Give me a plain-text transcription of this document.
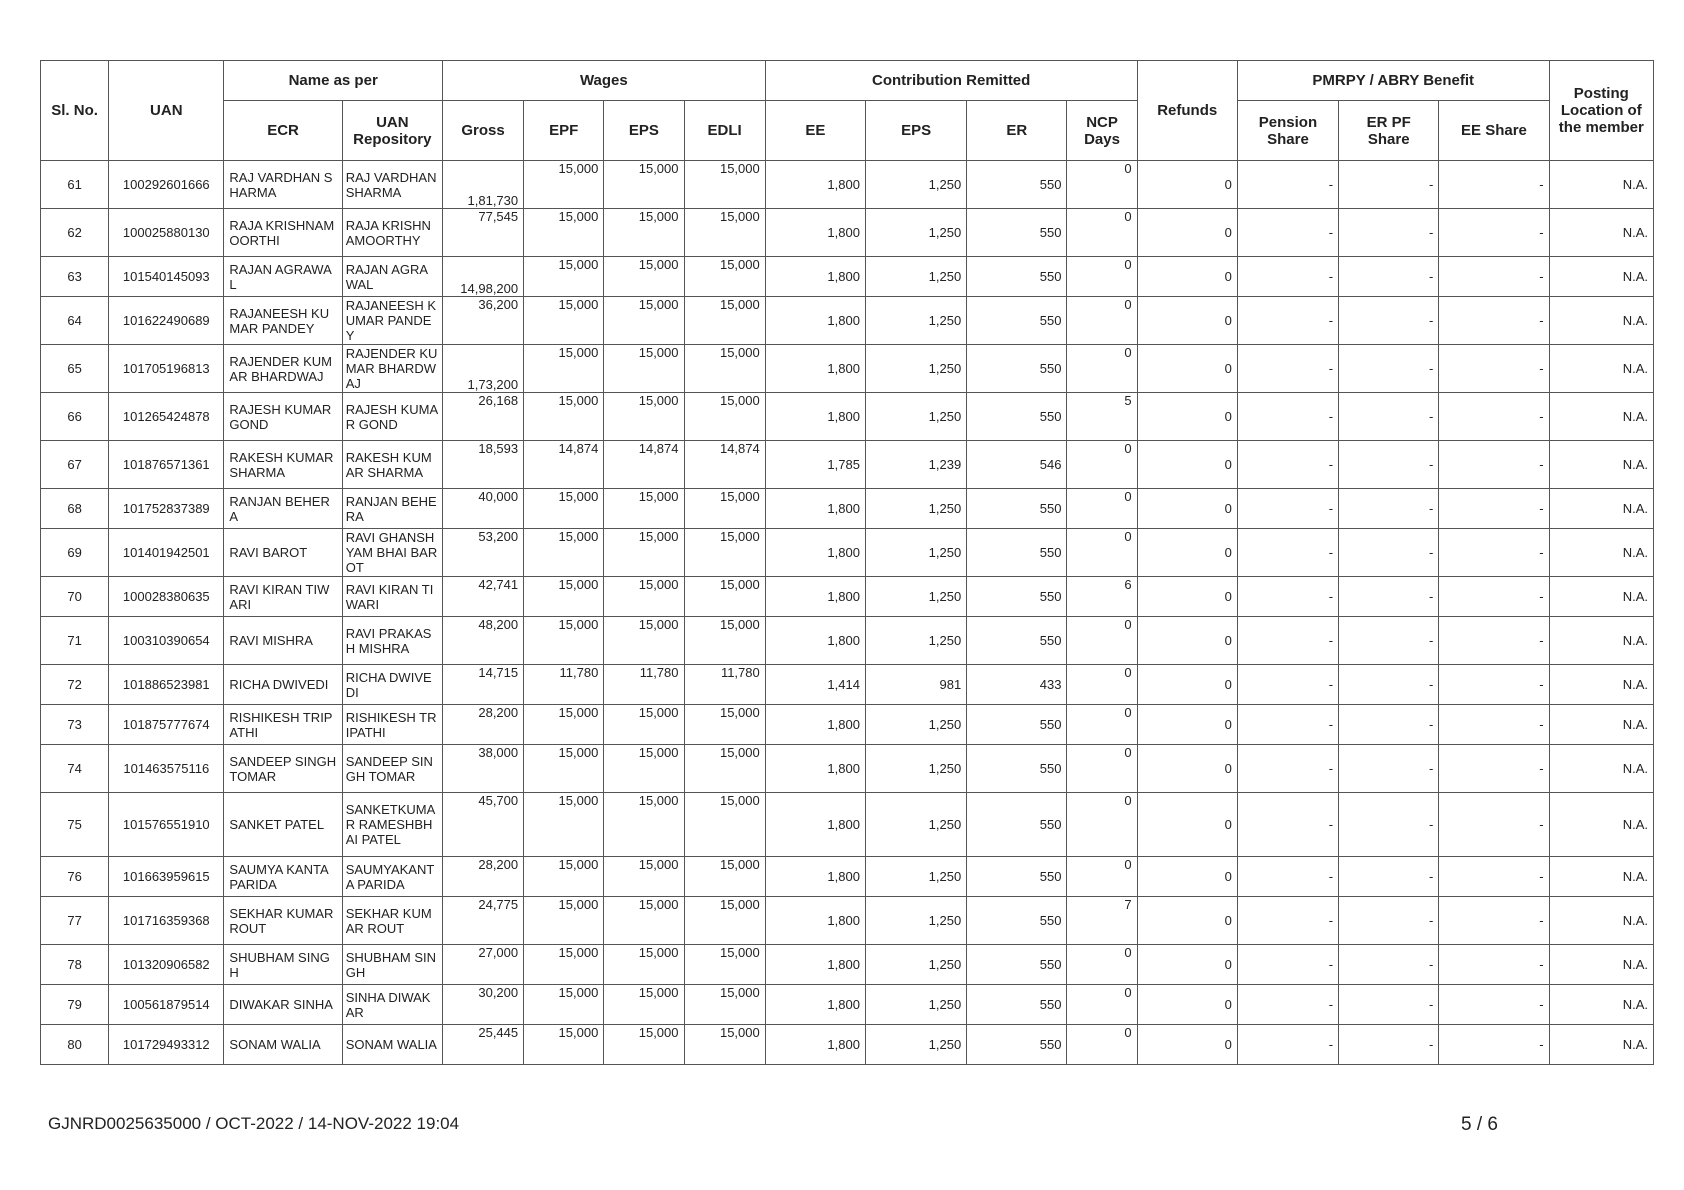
Sl. No.	UAN	Name as per		Wages				Contribution Remitted				Refunds	PMRPY / ABRY Benefit			Posting Location of the member
		ECR	UAN Repository	Gross	EPF	EPS	EDLI	EE	EPS	ER	NCP Days		Pension Share	ER PF Share	EE Share	
61	100292601666	RAJ VARDHAN SHARMA	RAJ VARDHAN SHARMA	1,81,730	15,000	15,000	15,000	1,800	1,250	550	0	0	-	-	-	N.A.
62	100025880130	RAJA KRISHNAMOORTHI	RAJA KRISHNAMOORTHY	77,545	15,000	15,000	15,000	1,800	1,250	550	0	0	-	-	-	N.A.
63	101540145093	RAJAN AGRAWAL	RAJAN AGRAWAL	14,98,200	15,000	15,000	15,000	1,800	1,250	550	0	0	-	-	-	N.A.
64	101622490689	RAJANEESH KUMAR PANDEY	RAJANEESH KUMAR PANDEY	36,200	15,000	15,000	15,000	1,800	1,250	550	0	0	-	-	-	N.A.
65	101705196813	RAJENDER KUMAR BHARDWAJ	RAJENDER KUMAR BHARDWAJ	1,73,200	15,000	15,000	15,000	1,800	1,250	550	0	0	-	-	-	N.A.
66	101265424878	RAJESH KUMAR GOND	RAJESH KUMAR GOND	26,168	15,000	15,000	15,000	1,800	1,250	550	5	0	-	-	-	N.A.
67	101876571361	RAKESH KUMAR SHARMA	RAKESH KUMAR SHARMA	18,593	14,874	14,874	14,874	1,785	1,239	546	0	0	-	-	-	N.A.
68	101752837389	RANJAN BEHERA	RANJAN BEHERA	40,000	15,000	15,000	15,000	1,800	1,250	550	0	0	-	-	-	N.A.
69	101401942501	RAVI BAROT	RAVI GHANSHYAM BHAI BAROT	53,200	15,000	15,000	15,000	1,800	1,250	550	0	0	-	-	-	N.A.
70	100028380635	RAVI KIRAN TIWARI	RAVI KIRAN TIWARI	42,741	15,000	15,000	15,000	1,800	1,250	550	6	0	-	-	-	N.A.
71	100310390654	RAVI MISHRA	RAVI PRAKASH MISHRA	48,200	15,000	15,000	15,000	1,800	1,250	550	0	0	-	-	-	N.A.
72	101886523981	RICHA DWIVEDI	RICHA DWIVEDI	14,715	11,780	11,780	11,780	1,414	981	433	0	0	-	-	-	N.A.
73	101875777674	RISHIKESH TRIPATHI	RISHIKESH TRIPATHI	28,200	15,000	15,000	15,000	1,800	1,250	550	0	0	-	-	-	N.A.
74	101463575116	SANDEEP SINGH TOMAR	SANDEEP SINGH TOMAR	38,000	15,000	15,000	15,000	1,800	1,250	550	0	0	-	-	-	N.A.
75	101576551910	SANKET PATEL	SANKETKUMAR RAMESHBHAI PATEL	45,700	15,000	15,000	15,000	1,800	1,250	550	0	0	-	-	-	N.A.
76	101663959615	SAUMYA KANTA PARIDA	SAUMYAKANTA PARIDA	28,200	15,000	15,000	15,000	1,800	1,250	550	0	0	-	-	-	N.A.
77	101716359368	SEKHAR KUMAR ROUT	SEKHAR KUMAR ROUT	24,775	15,000	15,000	15,000	1,800	1,250	550	7	0	-	-	-	N.A.
78	101320906582	SHUBHAM SINGH	SHUBHAM SINGH	27,000	15,000	15,000	15,000	1,800	1,250	550	0	0	-	-	-	N.A.
79	100561879514	DIWAKAR SINHA	SINHA DIWAKAR	30,200	15,000	15,000	15,000	1,800	1,250	550	0	0	-	-	-	N.A.
80	101729493312	SONAM WALIA	SONAM WALIA	25,445	15,000	15,000	15,000	1,800	1,250	550	0	0	-	-	-	N.A.
GJNRD0025635000 / OCT-2022 / 14-NOV-2022 19:04	5 / 6
